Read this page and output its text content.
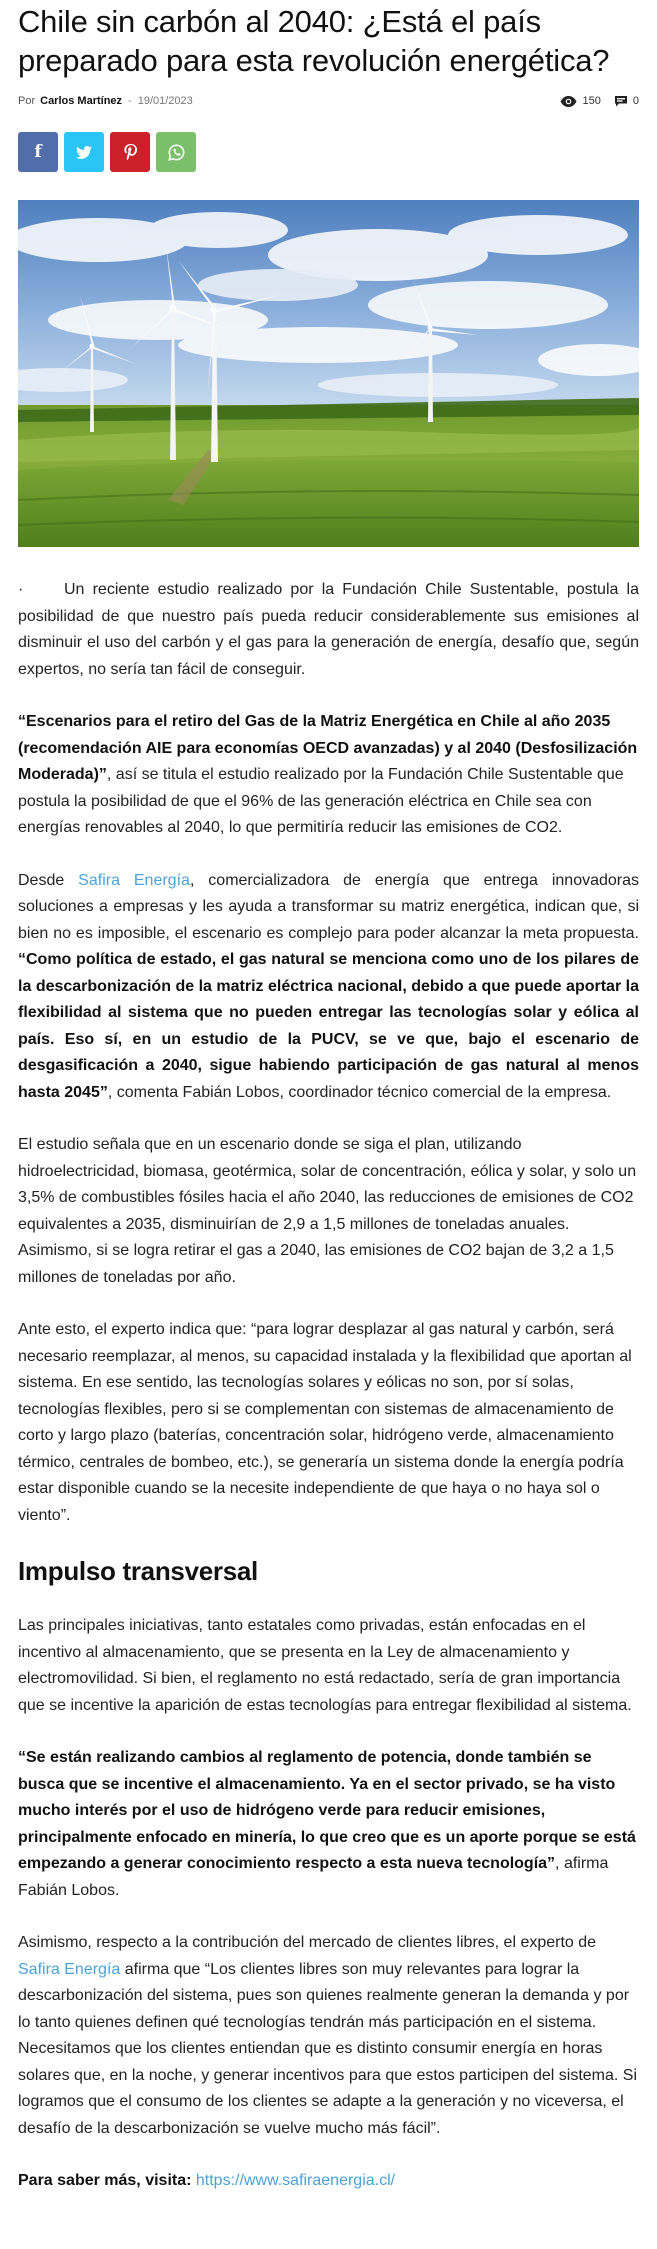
Chile sin carbón al 2040: ¿Está el país preparado para esta revolución energética?
Por Carlos Martínez - 19/01/2023	150	0
f

·	Un reciente estudio realizado por la Fundación Chile Sustentable, postula la posibilidad de que nuestro país pueda reducir considerablemente sus emisiones al disminuir el uso del carbón y el gas para la generación de energía, desafío que, según expertos, no sería tan fácil de conseguir.

“Escenarios para el retiro del Gas de la Matriz Energética en Chile al año 2035 (recomendación AIE para economías OECD avanzadas) y al 2040 (Desfosilización Moderada)”, así se titula el estudio realizado por la Fundación Chile Sustentable que postula la posibilidad de que el 96% de las generación eléctrica en Chile sea con energías renovables al 2040, lo que permitiría reducir las emisiones de CO2.

Desde Safira Energía, comercializadora de energía que entrega innovadoras soluciones a empresas y les ayuda a transformar su matriz energética, indican que, si bien no es imposible, el escenario es complejo para poder alcanzar la meta propuesta. “Como política de estado, el gas natural se menciona como uno de los pilares de la descarbonización de la matriz eléctrica nacional, debido a que puede aportar la flexibilidad al sistema que no pueden entregar las tecnologías solar y eólica al país. Eso sí, en un estudio de la PUCV, se ve que, bajo el escenario de desgasificación a 2040, sigue habiendo participación de gas natural al menos hasta 2045”, comenta Fabián Lobos, coordinador técnico comercial de la empresa.

El estudio señala que en un escenario donde se siga el plan, utilizando hidroelectricidad, biomasa, geotérmica, solar de concentración, eólica y solar, y solo un 3,5% de combustibles fósiles hacia el año 2040, las reducciones de emisiones de CO2 equivalentes a 2035, disminuirían de 2,9 a 1,5 millones de toneladas anuales. Asimismo, si se logra retirar el gas a 2040, las emisiones de CO2 bajan de 3,2 a 1,5 millones de toneladas por año.

Ante esto, el experto indica que: “para lograr desplazar al gas natural y carbón, será necesario reemplazar, al menos, su capacidad instalada y la flexibilidad que aportan al sistema. En ese sentido, las tecnologías solares y eólicas no son, por sí solas, tecnologías flexibles, pero si se complementan con sistemas de almacenamiento de corto y largo plazo (baterías, concentración solar, hidrógeno verde, almacenamiento térmico, centrales de bombeo, etc.), se generaría un sistema donde la energía podría estar disponible cuando se la necesite independiente de que haya o no haya sol o viento”.

Impulso transversal

Las principales iniciativas, tanto estatales como privadas, están enfocadas en el incentivo al almacenamiento, que se presenta en la Ley de almacenamiento y electromovilidad. Si bien, el reglamento no está redactado, sería de gran importancia que se incentive la aparición de estas tecnologías para entregar flexibilidad al sistema.

“Se están realizando cambios al reglamento de potencia, donde también se busca que se incentive el almacenamiento. Ya en el sector privado, se ha visto mucho interés por el uso de hidrógeno verde para reducir emisiones, principalmente enfocado en minería, lo que creo que es un aporte porque se está empezando a generar conocimiento respecto a esta nueva tecnología”, afirma Fabián Lobos.

Asimismo, respecto a la contribución del mercado de clientes libres, el experto de Safira Energía afirma que “Los clientes libres son muy relevantes para lograr la descarbonización del sistema, pues son quienes realmente generan la demanda y por lo tanto quienes definen qué tecnologías tendrán más participación en el sistema. Necesitamos que los clientes entiendan que es distinto consumir energía en horas solares que, en la noche, y generar incentivos para que estos participen del sistema. Si logramos que el consumo de los clientes se adapte a la generación y no viceversa, el desafío de la descarbonización se vuelve mucho más fácil”.

Para saber más, visita: https://www.safiraenergia.cl/
